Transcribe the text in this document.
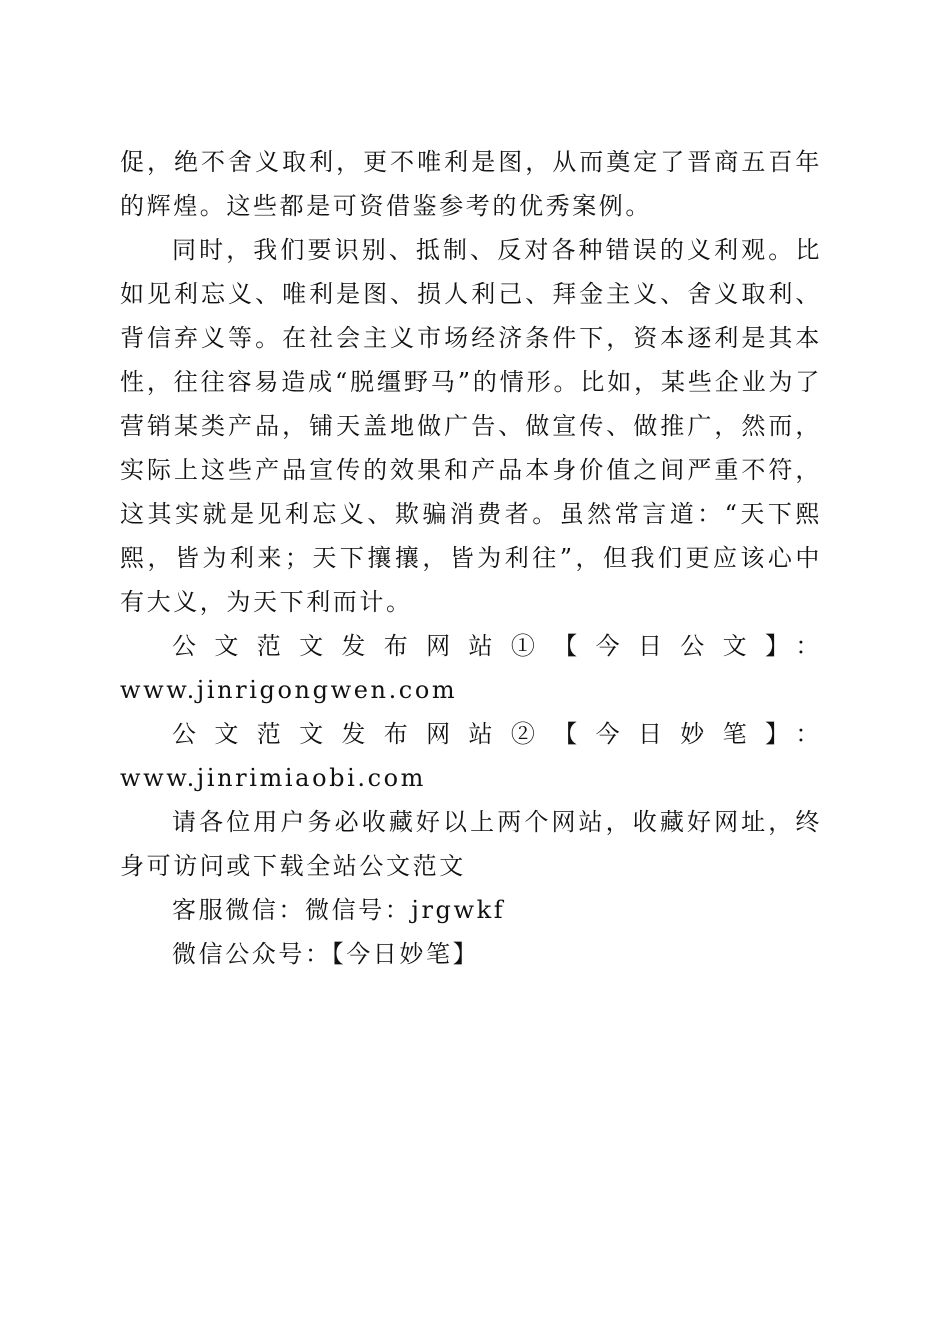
促，绝不舍义取利，更不唯利是图，从而奠定了晋商五百年的辉煌。这些都是可资借鉴参考的优秀案例。

同时，我们要识别、抵制、反对各种错误的义利观。比如见利忘义、唯利是图、损人利己、拜金主义、舍义取利、背信弃义等。在社会主义市场经济条件下，资本逐利是其本性，往往容易造成“脱缰野马”的情形。比如，某些企业为了营销某类产品，铺天盖地做广告、做宣传、做推广，然而，实际上这些产品宣传的效果和产品本身价值之间严重不符，这其实就是见利忘义、欺骗消费者。虽然常言道：“天下熙熙，皆为利来；天下攘攘，皆为利往”，但我们更应该心中有大义，为天下利而计。

公文范文发布网站①【今日公文】：

www.jinrigongwen.com

公文范文发布网站②【今日妙笔】：www.jinrimiaobi.com

请各位用户务必收藏好以上两个网站，收藏好网址，终身可访问或下载全站公文范文

客服微信：微信号：jrgwkf

微信公众号：【今日妙笔】
